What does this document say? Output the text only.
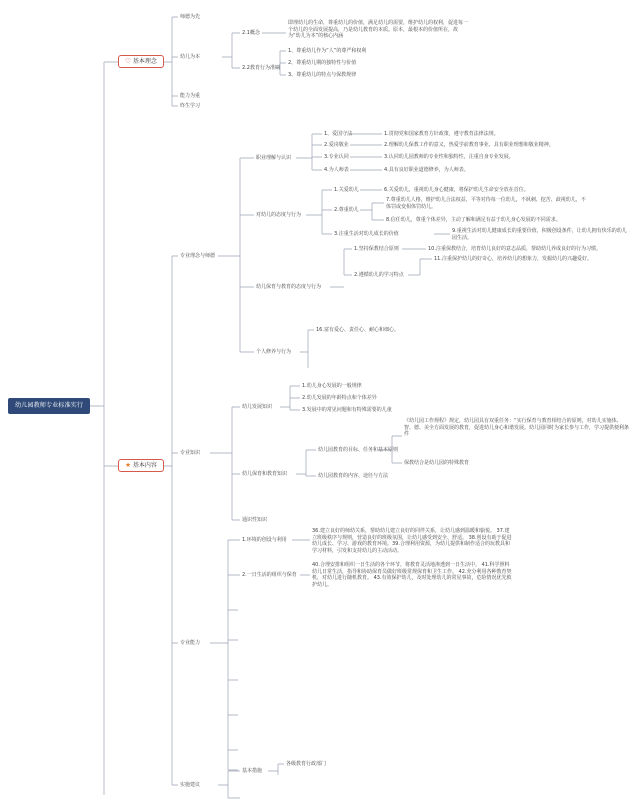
幼儿园教师专业标准实行
♡ 基本理念
★ 基本内容
师德为先
幼儿为本
2.1概念
即理幼儿的生命，尊重幼儿的价值，满足幼儿的需要，维护幼儿的权利，促进每一个幼儿的全面发展提高，乃是幼儿教育的本质。原本，最根本的价值所在，故为“幼儿为本”的核心内涵
2.2教育行为准则
1、尊重幼儿作为“人”的尊严和权利
2、尊重幼儿期的独特性与价值
3、尊重幼儿的特点与保教规律
能力为重
终生学习
专业理念与师德
职业理解与认识
1、爱国守法	1.贯彻党和国家教育方针政策，遵守教育法律法规。
2.爱岗敬业	2.理解幼儿保教工作的意义，热爱学前教育事业，具有职业理想和敬业精神。
3.专业认同	3.认同幼儿园教师的专业性和独特性，注重自身专业发展。
4.为人师表	4.具有良好职业道德修养，为人师表。
对幼儿的态度与行为
1.关爱幼儿	6.关爱幼儿，重视幼儿身心健康，将保护幼儿生命安全放在首位。
2.尊重幼儿
7.尊重幼儿人格，维护幼儿合法权益，平等对待每一位幼儿，不讽刺、挖苦、歧视幼儿，不体罚或变相体罚幼儿。
8.信任幼儿，尊重个体差异，主动了解和满足有益于幼儿身心发展的不同需求。
3.注重生活对幼儿成长的价值	9.重视生活对幼儿健康成长的重要价值，积极创设条件，让幼儿拥有快乐的幼儿园生活。
幼儿保育与教育的态度与行为
1.坚持保教结合原则	10.注重保教结合，培育幼儿良好的意志品质，帮助幼儿养成良好的行为习惯。
2.遵循幼儿的学习特点
11.注重保护幼儿的好奇心，培养幼儿的想象力，发掘幼儿的兴趣爱好。
个人修养与行为
16.富有爱心、责任心、耐心和细心。
专业知识
幼儿发展知识
1.幼儿身心发展的一般规律
2.幼儿发展的年龄特点和个体差异
3.发展中的常见问题和有特殊需要的儿童
幼儿保育和教育知识
幼儿园教育的目标、任务和基本原则
《幼儿园工作规程》规定，幼儿园具有双重任务：“实行保育与教育相结合的原则，对幼儿实施体、智、德、美全方面发展的教育，促进幼儿身心和谐发展。幼儿园同时为家长参与工作，学习提供便利条件
保教结合是幼儿园的特殊教育
幼儿园教育的内容、途径与方法
通识性知识
专业能力
1.环境的创设与利用
36.建立良好的师幼关系，帮助幼儿建立良好的同伴关系，让幼儿感到温暖和愉悦。 37.建立班级秩序与规则，营造良好的班级氛围，让幼儿感受到安全、舒适。 38.创设有助于促进幼儿成长、学习、游戏的教育环境。39.合理利用资源，为幼儿提供和制作适合的玩教具和学习材料，引发和支持幼儿的主动活动。
2.一日生活的组织与保育
40.合理安排和组织一日生活的各个环节，将教育灵活地渗透到一日生活中。 41.科学照料幼儿日常生活，指导和协助保育员做好班级常规保育和卫生工作。 42.充分利用各种教育契机，对幼儿进行随机教育。 43.有效保护幼儿，及时处理幼儿的常见事故，危险情况优先救护幼儿。
实施建议
基本措施
各级教育行政部门
